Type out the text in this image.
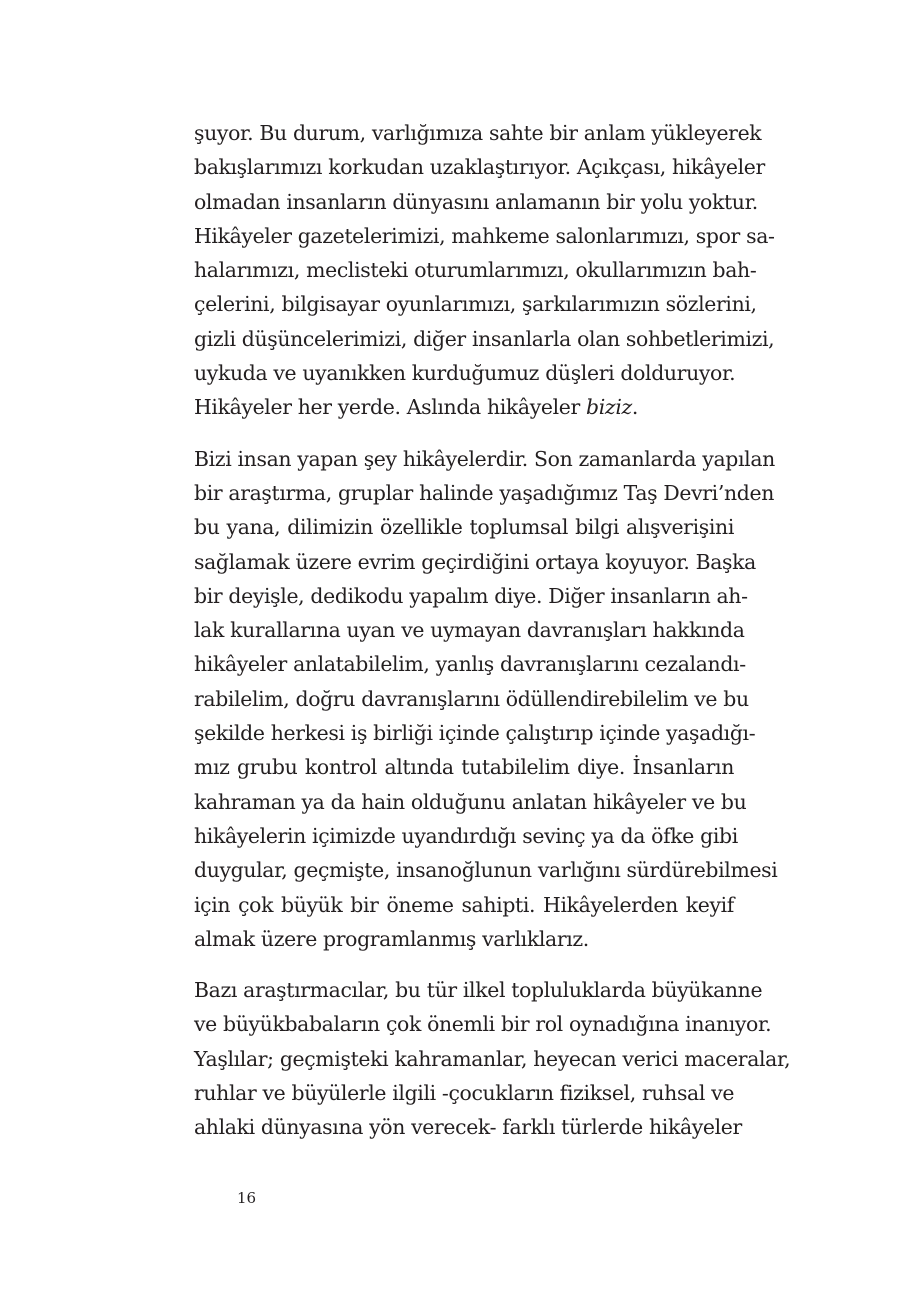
şuyor. Bu durum, varlığımıza sahte bir anlam yükleyerek
bakışlarımızı korkudan uzaklaştırıyor. Açıkçası, hikâyeler
olmadan insanların dünyasını anlamanın bir yolu yoktur.
Hikâyeler gazetelerimizi, mahkeme salonlarımızı, spor sa-
halarımızı, meclisteki oturumlarımızı, okullarımızın bah-
çelerini, bilgisayar oyunlarımızı, şarkılarımızın sözlerini,
gizli düşüncelerimizi, diğer insanlarla olan sohbetlerimizi,
uykuda ve uyanıkken kurduğumuz düşleri dolduruyor.
Hikâyeler her yerde. Aslında hikâyeler biziz.

Bizi insan yapan şey hikâyelerdir. Son zamanlarda yapılan
bir araştırma, gruplar halinde yaşadığımız Taş Devri’nden
bu yana, dilimizin özellikle toplumsal bilgi alışverişini
sağlamak üzere evrim geçirdiğini ortaya koyuyor. Başka
bir deyişle, dedikodu yapalım diye. Diğer insanların ah-
lak kurallarına uyan ve uymayan davranışları hakkında
hikâyeler anlatabilelim, yanlış davranışlarını cezalandı-
rabilelim, doğru davranışlarını ödüllendirebilelim ve bu
şekilde herkesi iş birliği içinde çalıştırıp içinde yaşadığı-
mız grubu kontrol altında tutabilelim diye. İnsanların
kahraman ya da hain olduğunu anlatan hikâyeler ve bu
hikâyelerin içimizde uyandırdığı sevinç ya da öfke gibi
duygular, geçmişte, insanoğlunun varlığını sürdürebilmesi
için çok büyük bir öneme sahipti. Hikâyelerden keyif
almak üzere programlanmış varlıklarız.

Bazı araştırmacılar, bu tür ilkel topluluklarda büyükanne
ve büyükbabaların çok önemli bir rol oynadığına inanıyor.
Yaşlılar; geçmişteki kahramanlar, heyecan verici maceralar,
ruhlar ve büyülerle ilgili -çocukların fiziksel, ruhsal ve
ahlaki dünyasına yön verecek- farklı türlerde hikâyeler

16
